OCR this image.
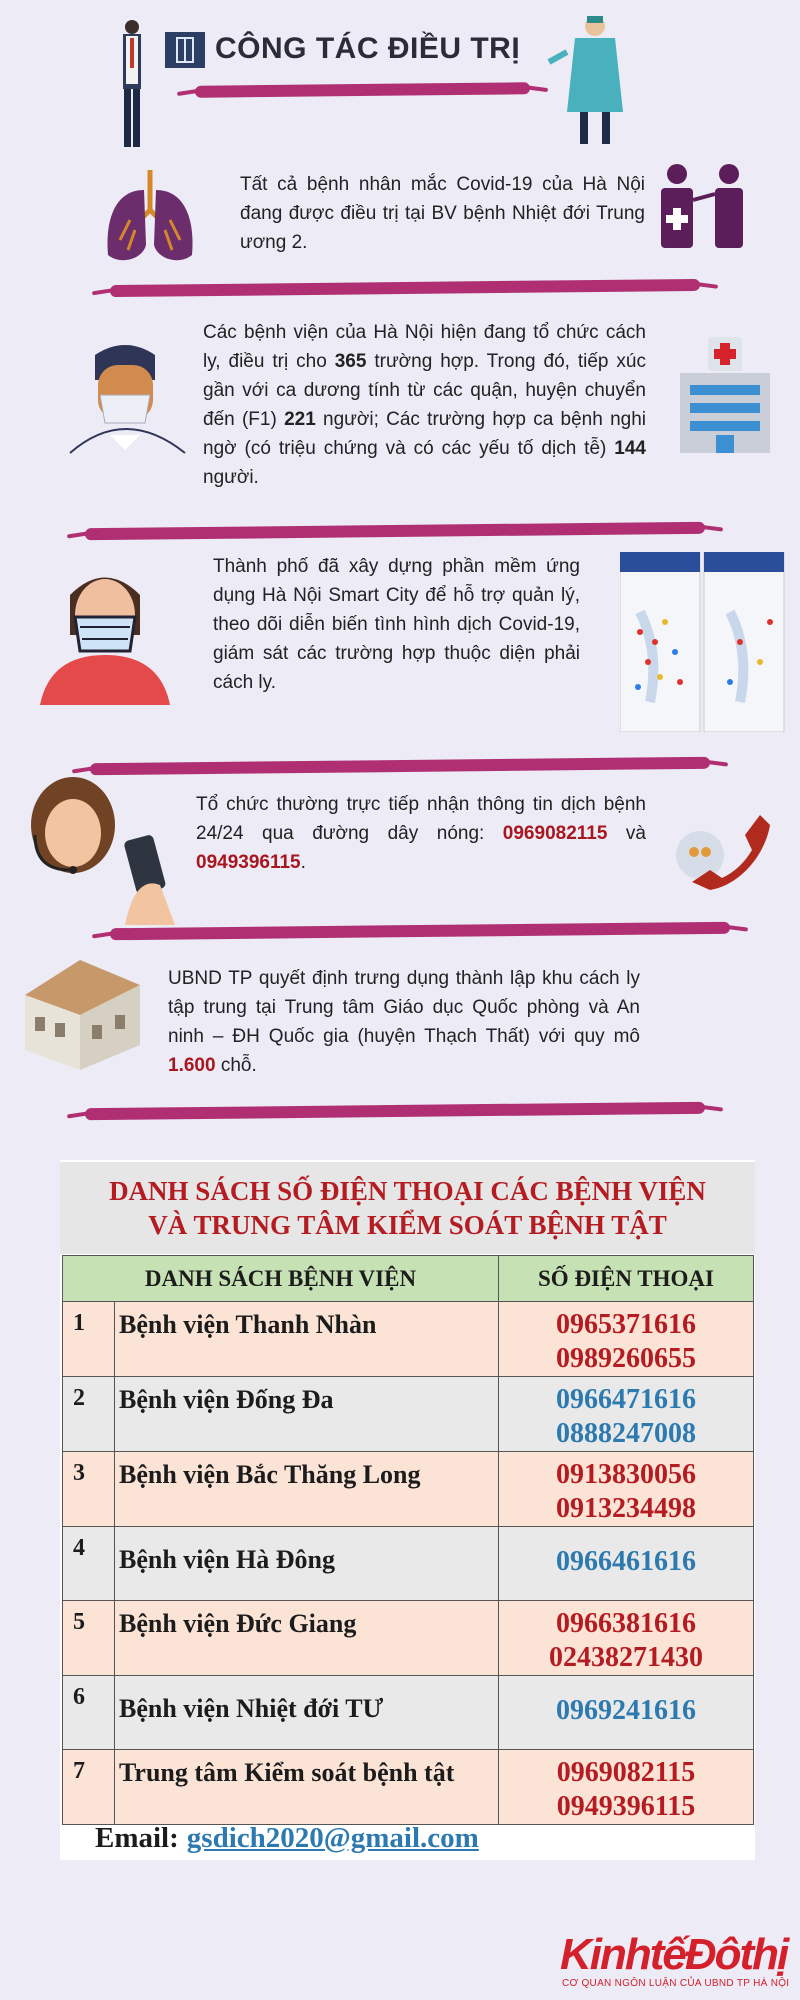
CÔNG TÁC ĐIỀU TRỊ
Tất cả bệnh nhân mắc Covid-19 của Hà Nội đang được điều trị tại BV bệnh Nhiệt đới Trung ương 2.
Các bệnh viện của Hà Nội hiện đang tổ chức cách ly, điều trị cho 365 trường hợp. Trong đó, tiếp xúc gần với ca dương tính từ các quận, huyện chuyển đến (F1) 221 người; Các trường hợp ca bệnh nghi ngờ (có triệu chứng và có các yếu tố dịch tễ) 144 người.
Thành phố đã xây dựng phần mềm ứng dụng Hà Nội Smart City để hỗ trợ quản lý, theo dõi diễn biến tình hình dịch Covid-19, giám sát các trường hợp thuộc diện phải cách ly.
Tổ chức thường trực tiếp nhận thông tin dịch bệnh 24/24 qua đường dây nóng: 0969082115 và 0949396115.
UBND TP quyết định trưng dụng thành lập khu cách ly tập trung tại Trung tâm Giáo dục Quốc phòng và An ninh – ĐH Quốc gia (huyện Thạch Thất) với quy mô 1.600 chỗ.
DANH SÁCH SỐ ĐIỆN THOẠI CÁC BỆNH VIỆN
VÀ TRUNG TÂM KIỂM SOÁT BỆNH TẬT
DANH SÁCH BỆNH VIỆN		SỐ ĐIỆN THOẠI
1	Bệnh viện Thanh Nhàn	0965371616
0989260655

2	Bệnh viện Đống Đa	0966471616
0888247008

3	Bệnh viện Bắc Thăng Long	0913830056
0913234498

4	Bệnh viện Hà Đông	0966461616

5	Bệnh viện Đức Giang	0966381616
02438271430

6	Bệnh viện Nhiệt đới TƯ	0969241616

7	Trung tâm Kiểm soát bệnh tật	0969082115
0949396115
Email: gsdich2020@gmail.com
KinhtếĐôthị
CƠ QUAN NGÔN LUẬN CỦA UBND TP HÀ NỘI
